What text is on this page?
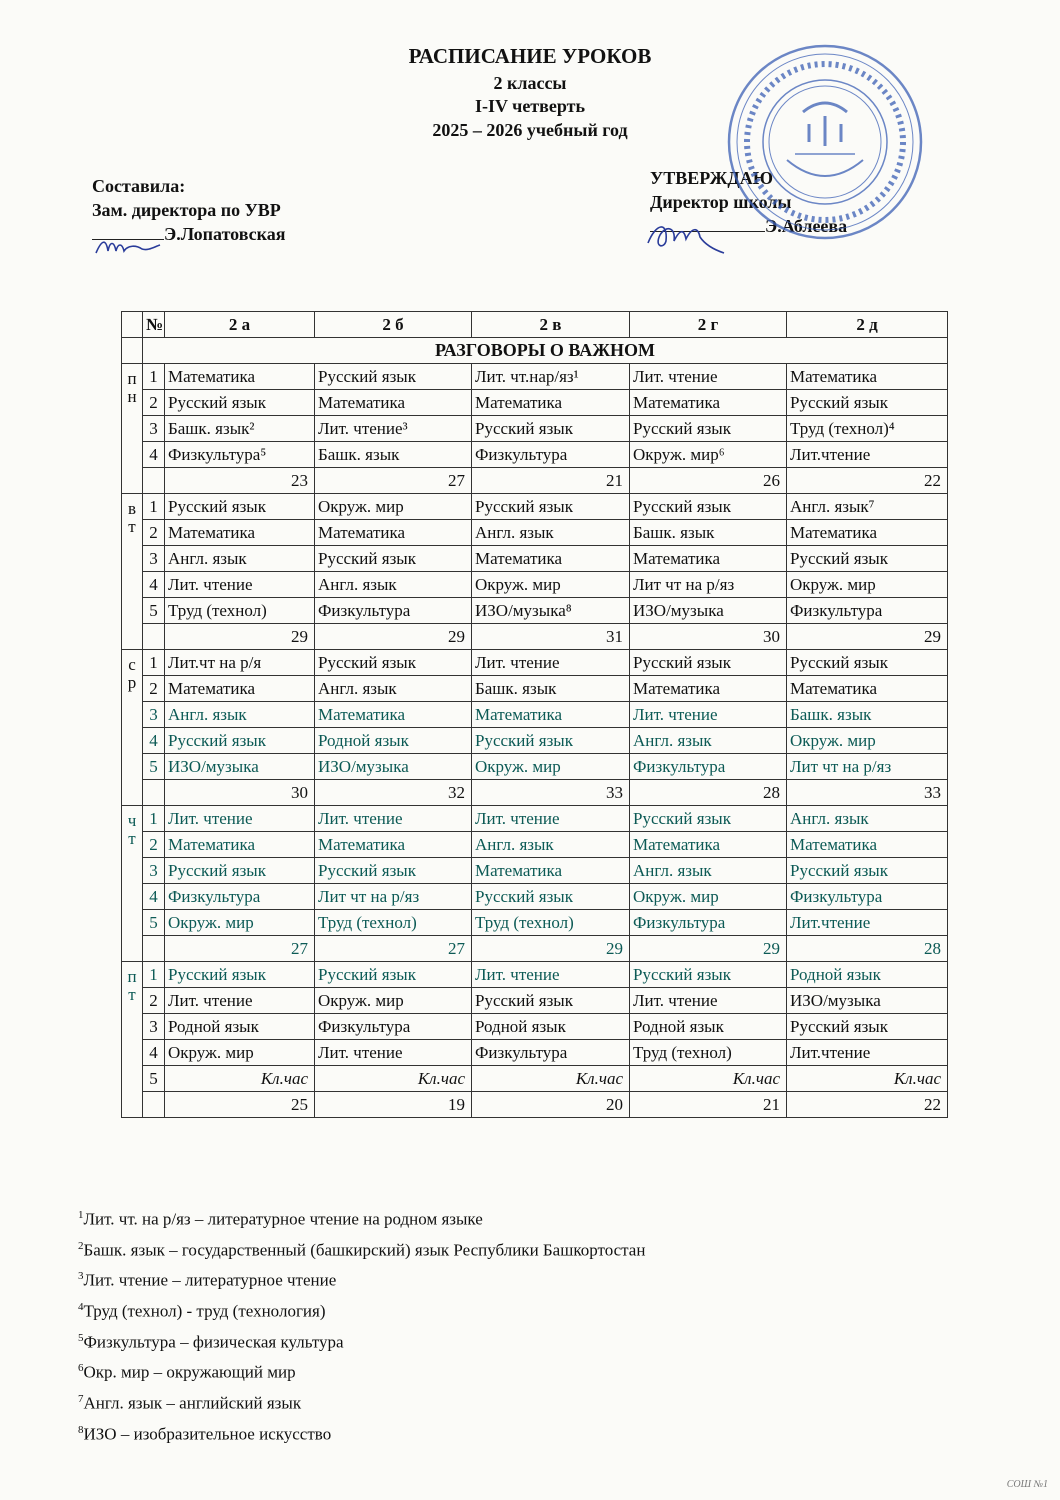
РАСПИСАНИЕ УРОКОВ
2 классы
I-IV четверть
2025 – 2026 учебный год
Составила:
Зам. директора по УВР
Э.Лопатовская
УТВЕРЖДАЮ
Директор школы
Э.Аблеева
	№	2 а	2 б	2 в	2 г	2 д
	РАЗГОВОРЫ О ВАЖНОМ					
п н	1	Математика	Русский язык	Лит. чт.нар/яз¹	Лит. чтение	Математика
	2	Русский язык	Математика	Математика	Математика	Русский язык
	3	Башк. язык²	Лит. чтение³	Русский язык	Русский язык	Труд (технол)⁴
	4	Физкультура⁵	Башк. язык	Физкультура	Окруж. мир⁶	Лит.чтение
		23	27	21	26	22
в т	1	Русский язык	Окруж. мир	Русский язык	Русский язык	Англ. язык⁷
	2	Математика	Математика	Англ. язык	Башк. язык	Математика
	3	Англ. язык	Русский язык	Математика	Математика	Русский язык
	4	Лит. чтение	Англ. язык	Окруж. мир	Лит чт на р/яз	Окруж. мир
	5	Труд (технол)	Физкультура	ИЗО/музыка⁸	ИЗО/музыка	Физкультура
		29	29	31	30	29
с р	1	Лит.чт на р/я	Русский язык	Лит. чтение	Русский язык	Русский язык
	2	Математика	Англ. язык	Башк. язык	Математика	Математика
	3	Англ. язык	Математика	Математика	Лит. чтение	Башк. язык
	4	Русский язык	Родной язык	Русский язык	Англ. язык	Окруж. мир
	5	ИЗО/музыка	ИЗО/музыка	Окруж. мир	Физкультура	Лит чт на р/яз
		30	32	33	28	33
ч т	1	Лит. чтение	Лит. чтение	Лит. чтение	Русский язык	Англ. язык
	2	Математика	Математика	Англ. язык	Математика	Математика
	3	Русский язык	Русский язык	Математика	Англ. язык	Русский язык
	4	Физкультура	Лит чт на р/яз	Русский язык	Окруж. мир	Физкультура
	5	Окруж. мир	Труд (технол)	Труд (технол)	Физкультура	Лит.чтение
		27	27	29	29	28
п т	1	Русский язык	Русский язык	Лит. чтение	Русский язык	Родной язык
	2	Лит. чтение	Окруж. мир	Русский язык	Лит. чтение	ИЗО/музыка
	3	Родной язык	Физкультура	Родной язык	Родной язык	Русский язык
	4	Окруж. мир	Лит. чтение	Физкультура	Труд (технол)	Лит.чтение
	5	Кл.час	Кл.час	Кл.час	Кл.час	Кл.час
		25	19	20	21	22
$^1$Лит. чт. на р/яз – литературное чтение на родном языке
$^2$Башк. язык – государственный (башкирский) язык Республики Башкортостан
$^3$Лит. чтение – литературное чтение
$^4$Труд (технол) - труд (технология)
$^5$Физкультура – физическая культура
$^6$Окр. мир – окружающий мир
$^7$Англ. язык – английский язык
$^8$ИЗО – изобразительное искусство
СОШ №1
